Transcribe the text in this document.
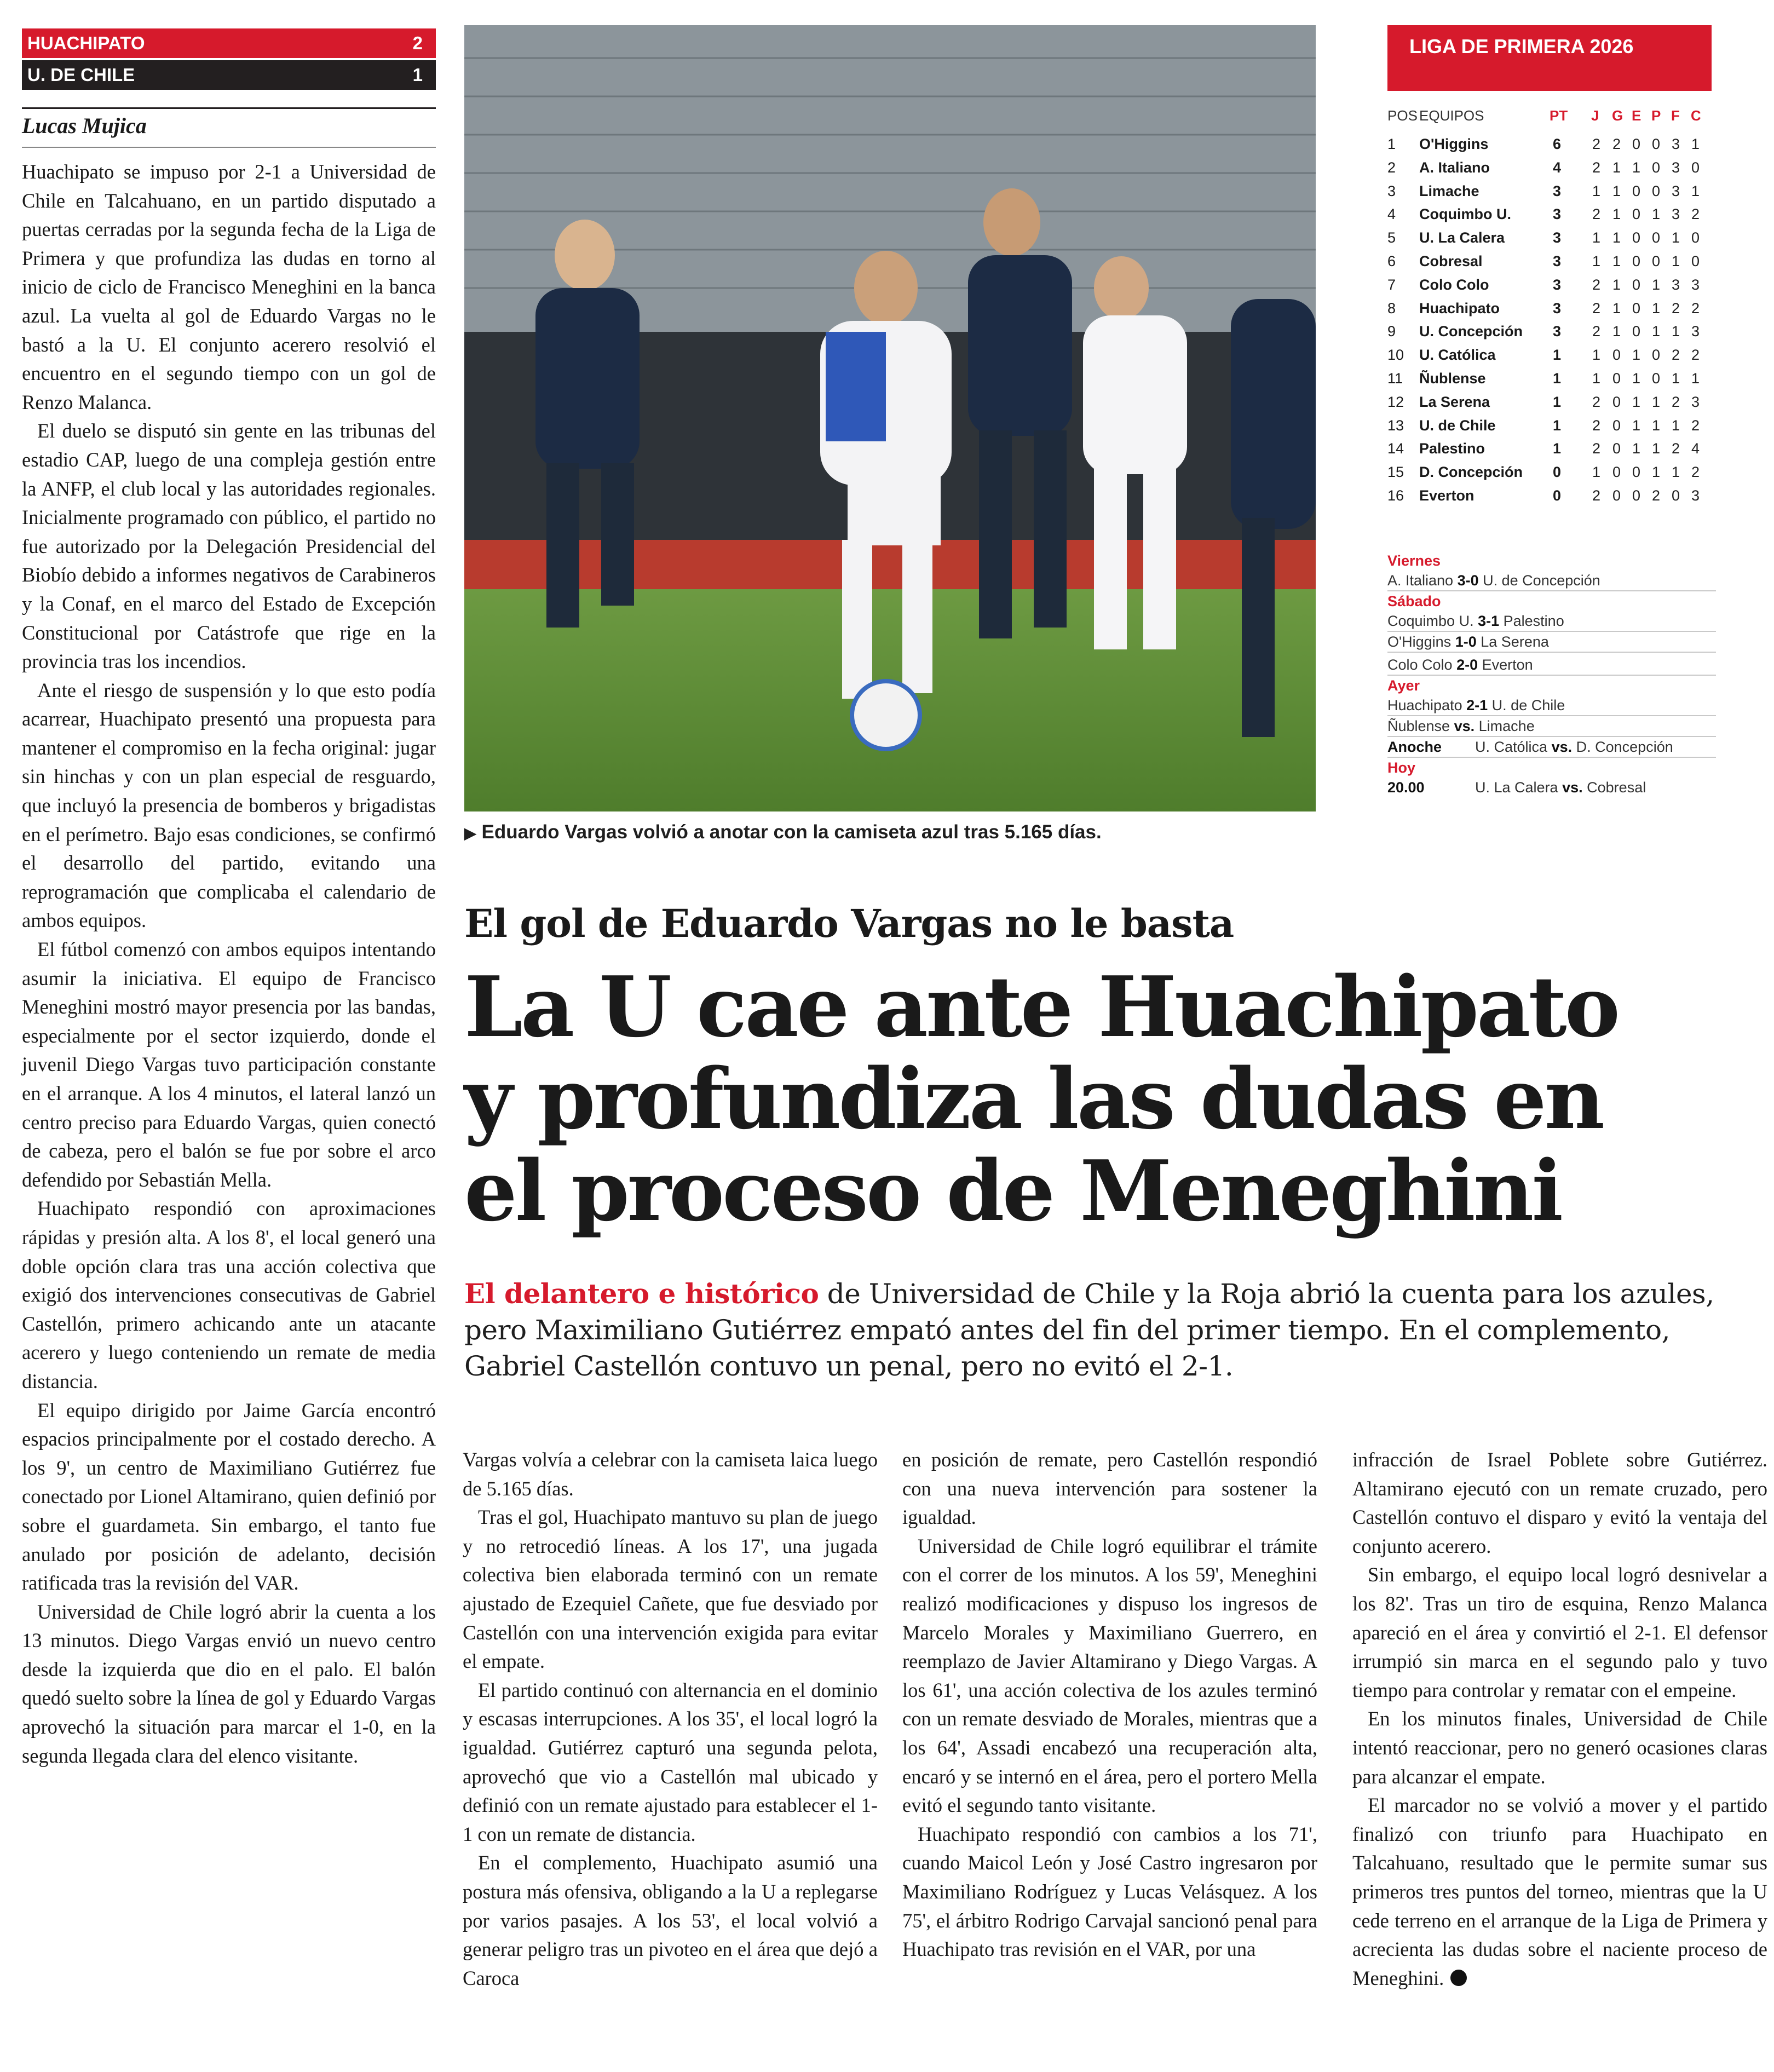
HUACHIPATO	2
U. DE CHILE	1
Lucas Mujica

Huachipato se impuso por 2-1 a Universidad de Chile en Talcahuano, en un partido disputado a puertas cerradas por la segunda fecha de la Liga de Primera y que profundiza las dudas en torno al inicio de ciclo de Francisco Meneghini en la banca azul. La vuelta al gol de Eduardo Vargas no le bastó a la U. El conjunto acerero resolvió el encuentro en el segundo tiempo con un gol de Renzo Malanca.

El duelo se disputó sin gente en las tribunas del estadio CAP, luego de una compleja gestión entre la ANFP, el club local y las autoridades regionales. Inicialmente programado con público, el partido no fue autorizado por la Delegación Presidencial del Biobío debido a informes negativos de Carabineros y la Conaf, en el marco del Estado de Excepción Constitucional por Catástrofe que rige en la provincia tras los incendios.

Ante el riesgo de suspensión y lo que esto podía acarrear, Huachipato presentó una propuesta para mantener el compromiso en la fecha original: jugar sin hinchas y con un plan especial de resguardo, que incluyó la presencia de bomberos y brigadistas en el perímetro. Bajo esas condiciones, se confirmó el desarrollo del partido, evitando una reprogramación que complicaba el calendario de ambos equipos.

El fútbol comenzó con ambos equipos intentando asumir la iniciativa. El equipo de Francisco Meneghini mostró mayor presencia por las bandas, especialmente por el sector izquierdo, donde el juvenil Diego Vargas tuvo participación constante en el arranque. A los 4 minutos, el lateral lanzó un centro preciso para Eduardo Vargas, quien conectó de cabeza, pero el balón se fue por sobre el arco defendido por Sebastián Mella.

Huachipato respondió con aproximaciones rápidas y presión alta. A los 8', el local generó una doble opción clara tras una acción colectiva que exigió dos intervenciones consecutivas de Gabriel Castellón, primero achicando ante un atacante acerero y luego conteniendo un remate de media distancia.

El equipo dirigido por Jaime García encontró espacios principalmente por el costado derecho. A los 9', un centro de Maximiliano Gutiérrez fue conectado por Lionel Altamirano, quien definió por sobre el guardameta. Sin embargo, el tanto fue anulado por posición de adelanto, decisión ratificada tras la revisión del VAR.

Universidad de Chile logró abrir la cuenta a los 13 minutos. Diego Vargas envió un nuevo centro desde la izquierda que dio en el palo. El balón quedó suelto sobre la línea de gol y Eduardo Vargas aprovechó la situación para marcar el 1-0, en la segunda llegada clara del elenco visitante.

▶ Eduardo Vargas volvió a anotar con la camiseta azul tras 5.165 días.
El gol de Eduardo Vargas no le basta
La U cae ante Huachipato
y profundiza las dudas en
el proceso de Meneghini
El delantero e histórico de Universidad de Chile y la Roja abrió la cuenta para los azules, pero Maximiliano Gutiérrez empató antes del fin del primer tiempo. En el complemento, Gabriel Castellón contuvo un penal, pero no evitó el 2-1.

Vargas volvía a celebrar con la camiseta laica luego de 5.165 días.

Tras el gol, Huachipato mantuvo su plan de juego y no retrocedió líneas. A los 17', una jugada colectiva bien elaborada terminó con un remate ajustado de Ezequiel Cañete, que fue desviado por Castellón con una intervención exigida para evitar el empate.

El partido continuó con alternancia en el dominio y escasas interrupciones. A los 35', el local logró la igualdad. Gutiérrez capturó una segunda pelota, aprovechó que vio a Castellón mal ubicado y definió con un remate ajustado para establecer el 1-1 con un remate de distancia.

En el complemento, Huachipato asumió una postura más ofensiva, obligando a la U a replegarse por varios pasajes. A los 53', el local volvió a generar peligro tras un pivoteo en el área que dejó a Caroca

en posición de remate, pero Castellón respondió con una nueva intervención para sostener la igualdad.

Universidad de Chile logró equilibrar el trámite con el correr de los minutos. A los 59', Meneghini realizó modificaciones y dispuso los ingresos de Marcelo Morales y Maximiliano Guerrero, en reemplazo de Javier Altamirano y Diego Vargas. A los 61', una acción colectiva de los azules terminó con un remate desviado de Morales, mientras que a los 64', Assadi encabezó una recuperación alta, encaró y se internó en el área, pero el portero Mella evitó el segundo tanto visitante.

Huachipato respondió con cambios a los 71', cuando Maicol León y José Castro ingresaron por Maximiliano Rodríguez y Lucas Velásquez. A los 75', el árbitro Rodrigo Carvajal sancionó penal para Huachipato tras revisión en el VAR, por una

infracción de Israel Poblete sobre Gutiérrez. Altamirano ejecutó con un remate cruzado, pero Castellón contuvo el disparo y evitó la ventaja del conjunto acerero.

Sin embargo, el equipo local logró desnivelar a los 82'. Tras un tiro de esquina, Renzo Malanca apareció en el área y convirtió el 2-1. El defensor irrumpió sin marca en el segundo palo y tuvo tiempo para controlar y rematar con el empeine.

En los minutos finales, Universidad de Chile intentó reaccionar, pero no generó ocasiones claras para alcanzar el empate.

El marcador no se volvió a mover y el partido finalizó con triunfo para Huachipato en Talcahuano, resultado que le permite sumar sus primeros tres puntos del torneo, mientras que la U cede terreno en el arranque de la Liga de Primera y acrecienta las dudas sobre el naciente proceso de Meneghini.

LIGA DE PRIMERA 2026
POS EQUIPOS	PT J G E P F C
1 O'Higgins	6 2 2 0 0 3 1
2 A. Italiano	4 2 1 1 0 3 0
3 Limache	3 1 1 0 0 3 1
4 Coquimbo U.	3 2 1 0 1 3 2
5 U. La Calera	3 1 1 0 0 1 0
6 Cobresal	3 1 1 0 0 1 0
7 Colo Colo	3 2 1 0 1 3 3
8 Huachipato	3 2 1 0 1 2 2
9 U. Concepción 3 2 1 0 1 1 3
10 U. Católica	1 1 0 1 0 2 2
11 Ñublense	1 1 0 1 0 1 1
12 La Serena	1 2 0 1 1 2 3
13 U. de Chile	1 2 0 1 1 1 2
14 Palestino	1 2 0 1 1 2 4
15 D. Concepción 0 1 0 0 1 1 2
16 Everton	0 2 0 0 2 0 3
Viernes
A. Italiano 3-0 U. de Concepción
Sábado
Coquimbo U. 3-1 Palestino
O'Higgins 1-0 La Serena
Colo Colo 2-0 Everton
Ayer
Huachipato 2-1 U. de Chile
Ñublense vs. Limache
Anoche U. Católica vs. D. Concepción
Hoy
20.00	U. La Calera vs. Cobresal
